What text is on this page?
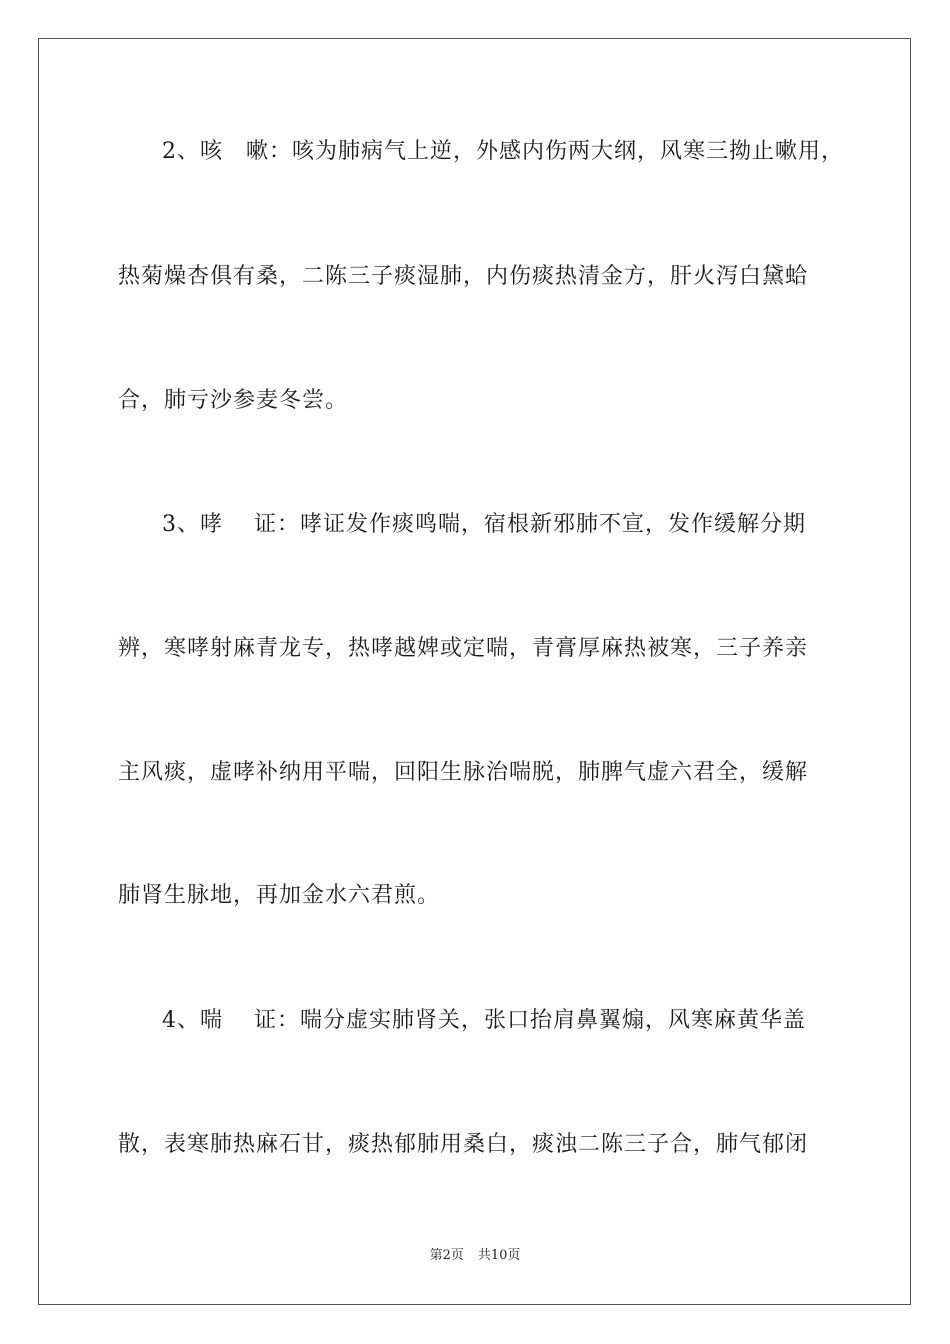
2、咳　嗽：咳为肺病气上逆，外感内伤两大纲，风寒三拗止嗽用，
热菊燥杏俱有桑，二陈三子痰湿肺，内伤痰热清金方，肝火泻白黛蛤
合，肺亏沙参麦冬尝。
3、哮　 证：哮证发作痰鸣喘，宿根新邪肺不宣，发作缓解分期
辨，寒哮射麻青龙专，热哮越婢或定喘，青膏厚麻热被寒，三子养亲
主风痰，虚哮补纳用平喘，回阳生脉治喘脱，肺脾气虚六君全，缓解
肺肾生脉地，再加金水六君煎。
4、喘　 证：喘分虚实肺肾关，张口抬肩鼻翼煽，风寒麻黄华盖
散，表寒肺热麻石甘，痰热郁肺用桑白，痰浊二陈三子合，肺气郁闭
第2页 共10页
